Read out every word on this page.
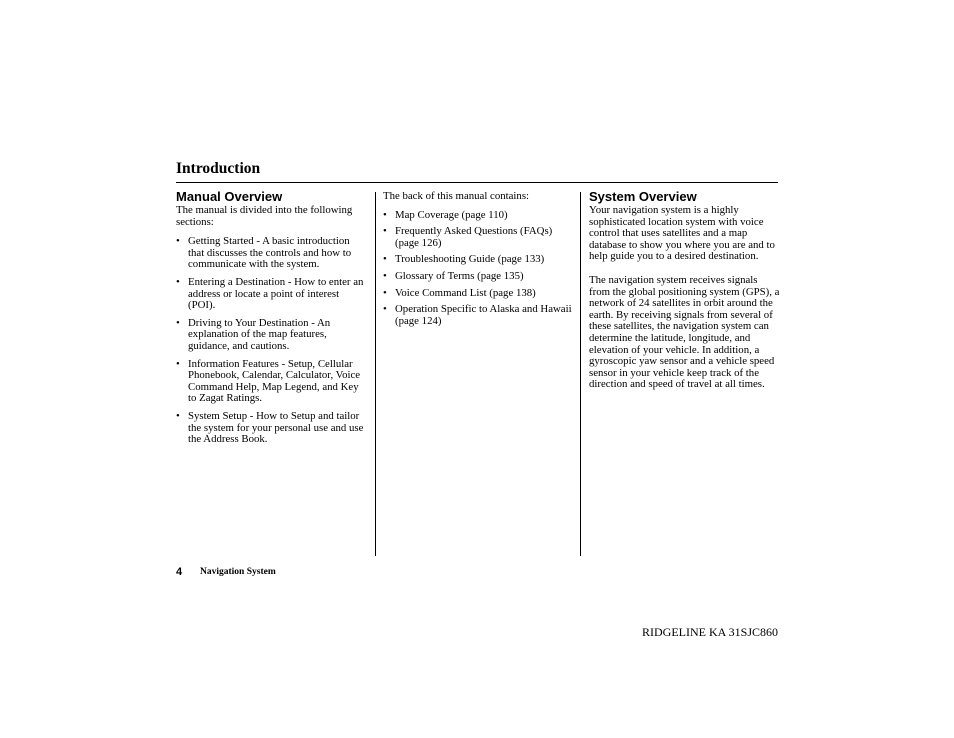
Introduction
Manual Overview

The manual is divided into the following sections:

• Getting Started - A basic introduction that discusses the controls and how to communicate with the system.
• Entering a Destination - How to enter an address or locate a point of interest (POI).
• Driving to Your Destination - An explanation of the map features, guidance, and cautions.
• Information Features - Setup, Cellular Phonebook, Calendar, Calculator, Voice Command Help, Map Legend, and Key to Zagat Ratings.
• System Setup - How to Setup and tailor the system for your personal use and use the Address Book.

The back of this manual contains:

• Map Coverage (page 110)
• Frequently Asked Questions (FAQs) (page 126)
• Troubleshooting Guide (page 133)
• Glossary of Terms (page 135)
• Voice Command List (page 138)
• Operation Specific to Alaska and Hawaii (page 124)
System Overview

Your navigation system is a highly sophisticated location system with voice control that uses satellites and a map database to show you where you are and to help guide you to a desired destination.

The navigation system receives signals from the global positioning system (GPS), a network of 24 satellites in orbit around the earth. By receiving signals from several of these satellites, the navigation system can determine the latitude, longitude, and elevation of your vehicle. In addition, a gyroscopic yaw sensor and a vehicle speed sensor in your vehicle keep track of the direction and speed of travel at all times.

4 Navigation System
RIDGELINE KA 31SJC860
